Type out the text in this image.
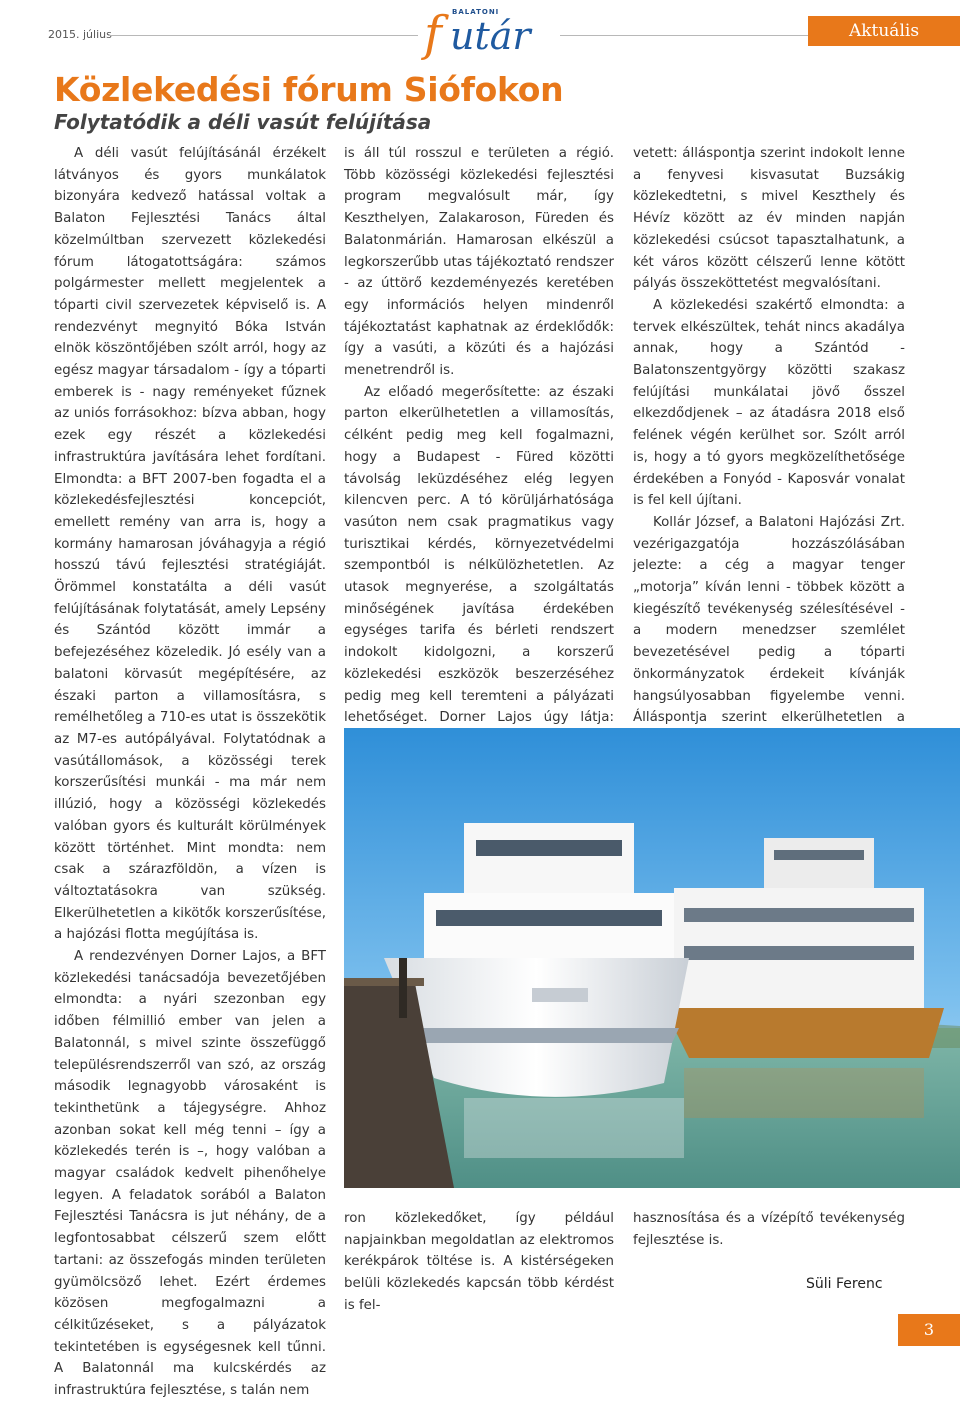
2015. július
BALATONI
f utár	Aktuális
Közlekedési fórum Siófokon
Folytatódik a déli vasút felújítása

A déli vasút felújításánál érzékelt látványos és gyors munkálatok bizonyára kedvező hatással voltak a Balaton Fejlesztési Tanács által közelmúltban szervezett közlekedési fórum látogatottságára: számos polgármester mellett megjelentek a tóparti civil szervezetek képviselő is. A rendezvényt megnyitó Bóka István elnök köszöntőjében szólt arról, hogy az egész magyar társadalom - így a tóparti emberek is - nagy reményeket fűznek az uniós forrásokhoz: bízva abban, hogy ezek egy részét a közlekedési infrastruktúra javítására lehet fordítani. Elmondta: a BFT 2007-ben fogadta el a közlekedésfejlesztési koncepciót, emellett remény van arra is, hogy a kormány hamarosan jóváhagyja a régió hosszú távú fejlesztési stratégiáját. Örömmel konstatálta a déli vasút felújításának folytatását, amely Lepsény és Szántód között immár a befejezéséhez közeledik. Jó esély van a balatoni körvasút megépítésére, az északi parton a villamosításra, s remélhetőleg a 710-es utat is összekötik az M7-es autópályával. Folytatódnak a vasútállomások, a közösségi terek korszerűsítési munkái - ma már nem illúzió, hogy a közösségi közlekedés valóban gyors és kulturált körülmények között történhet. Mint mondta: nem csak a szárazföldön, a vízen is változtatásokra van szükség. Elkerülhetetlen a kikötők korszerűsítése, a hajózási flotta megújítása is.

A rendezvényen Dorner Lajos, a BFT közlekedési tanácsadója bevezetőjében elmondta: a nyári szezonban egy időben félmillió ember van jelen a Balatonnál, s mivel szinte összefüggő településrendszerről van szó, az ország második legnagyobb városaként is tekinthetünk a tájegységre. Ahhoz azonban sokat kell még tenni – így a közlekedés terén is –, hogy valóban a magyar családok kedvelt pihenőhelye legyen. A feladatok sorából a Balaton Fejlesztési Tanácsra is jut néhány, de a legfontosabbat célszerű szem előtt tartani: az összefogás minden területen gyümölcsöző lehet. Ezért érdemes közösen megfogalmazni a célkitűzéseket, s a pályázatok tekintetében is egységesnek kell tűnni. A Balatonnál ma kulcskérdés az infrastruktúra fejlesztése, s talán nem

is áll túl rosszul e területen a régió. Több közösségi közlekedési fejlesztési program megvalósult már, így Keszthelyen, Zalakaroson, Füreden és Balatonmárián. Hamarosan elkészül a legkorszerűbb utas tájékoztató rendszer - az úttörő kezdeményezés keretében egy információs helyen mindenről tájékoztatást kaphatnak az érdeklődők: így a vasúti, a közúti és a hajózási menetrendről is.

Az előadó megerősítette: az északi parton elkerülhetetlen a villamosítás, célként pedig meg kell fogalmazni, hogy a Budapest - Füred közötti távolság leküzdéséhez elég legyen kilencven perc. A tó körüljárhatósága vasúton nem csak pragmatikus vagy turisztikai kérdés, környezetvédelmi szempontból is nélkülözhetetlen. Az utasok megnyerése, a szolgáltatás minőségének javítása érdekében egységes tarifa és bérleti rendszert indokolt kidolgozni, a korszerű közlekedési eszközök beszerzéséhez pedig meg kell teremteni a pályázati lehetőséget. Dorner Lajos úgy látja:

vetett: álláspontja szerint indokolt lenne a fenyvesi kisvasutat Buzsákig közlekedtetni, s mivel Keszthely és Hévíz között az év minden napján közlekedési csúcsot tapasztalhatunk, a két város között célszerű lenne kötött pályás összeköttetést megvalósítani.

A közlekedési szakértő elmondta: a tervek elkészültek, tehát nincs akadálya annak, hogy a Szántód - Balatonszentgyörgy közötti szakasz felújítási munkálatai jövő ősszel elkezdődjenek – az átadásra 2018 első felének végén kerülhet sor. Szólt arról is, hogy a tó gyors megközelíthetősége érdekében a Fonyód - Kaposvár vonalat is fel kell újítani.

Kollár József, a Balatoni Hajózási Zrt. vezérigazgatója hozzászólásában jelezte: a cég a magyar tenger „motorja” kíván lenni - többek között a kiegészítő tevékenység szélesítésével - a modern menedzser szemlélet bevezetésével pedig a tóparti önkormányzatok érdekeit kívánják hangsúlyosabban figyelembe venni. Álláspontja szerint elkerülhetetlen a

ron közlekedőket, így például napjainkban megoldatlan az elektromos kerékpárok töltése is. A kistérségeken belüli közlekedés kapcsán több kérdést is fel-

hasznosítása és a vízépítő tevékenység fejlesztése is.

Süli Ferenc
3
